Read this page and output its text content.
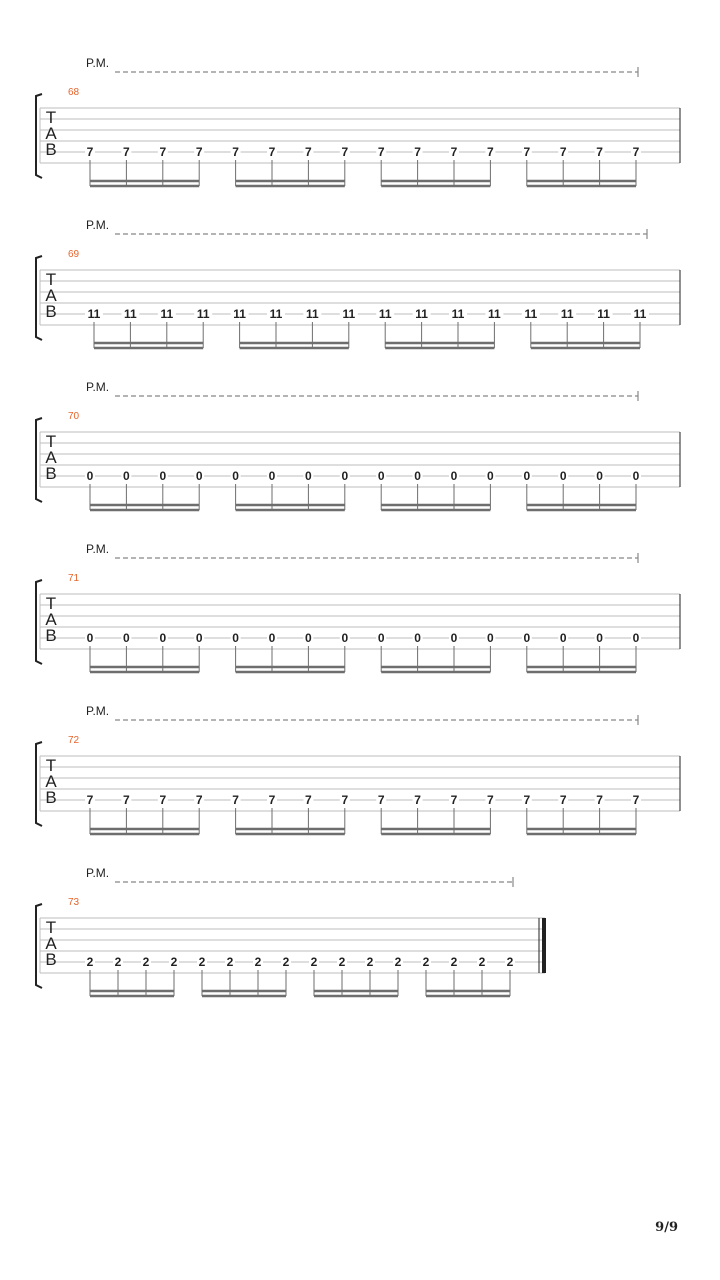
P.M.
68
T
A
B 7 7 7 7 7 7 7 7 7 7 7 7 7 7 7 7
P.M.
69
T
A
B	11 11 11 11 11 11 11 11 11 11 11 11 11 11 11 11
P.M.
70
T
A
B 0 0 0 0 0 0 0 0 0 0 0 0 0 0 0 0
P.M.
71
T
A
B 0 0 0 0 0 0 0 0 0 0 0 0 0 0 0 0
P.M.
72
T
A
B 7 7 7 7 7 7 7 7 7 7 7 7 7 7 7 7
P.M.
73
T
A
B 2 2 2 2 2 2 2 2 2 2 2 2 2 2 2 2
9/9
